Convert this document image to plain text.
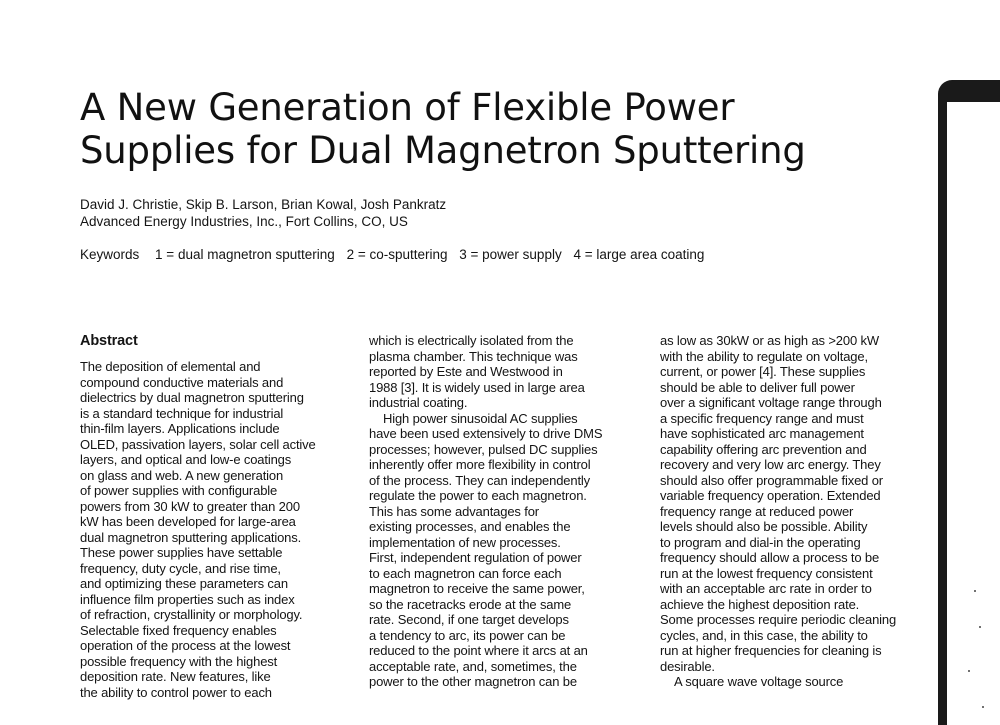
A New Generation of Flexible Power
Supplies for Dual Magnetron Sputtering
David J. Christie, Skip B. Larson, Brian Kowal, Josh Pankratz
Advanced Energy Industries, Inc., Fort Collins, CO, US
Keywords 1 = dual magnetron sputtering 2 = co-sputtering 3 = power supply 4 = large area coating
Abstract
The deposition of elemental and
compound conductive materials and
dielectrics by dual magnetron sputtering
is a standard technique for industrial
thin-film layers. Applications include
OLED, passivation layers, solar cell active
layers, and optical and low-e coatings
on glass and web. A new generation
of power supplies with configurable
powers from 30 kW to greater than 200
kW has been developed for large-area
dual magnetron sputtering applications.
These power supplies have settable
frequency, duty cycle, and rise time,
and optimizing these parameters can
influence film properties such as index
of refraction, crystallinity or morphology.
Selectable fixed frequency enables
operation of the process at the lowest
possible frequency with the highest
deposition rate. New features, like
the ability to control power to each
which is electrically isolated from the
plasma chamber. This technique was
reported by Este and Westwood in
1988 [3]. It is widely used in large area
industrial coating.
High power sinusoidal AC supplies
have been used extensively to drive DMS
processes; however, pulsed DC supplies
inherently offer more flexibility in control
of the process. They can independently
regulate the power to each magnetron.
This has some advantages for
existing processes, and enables the
implementation of new processes.
First, independent regulation of power
to each magnetron can force each
magnetron to receive the same power,
so the racetracks erode at the same
rate. Second, if one target develops
a tendency to arc, its power can be
reduced to the point where it arcs at an
acceptable rate, and, sometimes, the
power to the other magnetron can be
as low as 30kW or as high as >200 kW
with the ability to regulate on voltage,
current, or power [4]. These supplies
should be able to deliver full power
over a significant voltage range through
a specific frequency range and must
have sophisticated arc management
capability offering arc prevention and
recovery and very low arc energy. They
should also offer programmable fixed or
variable frequency operation. Extended
frequency range at reduced power
levels should also be possible. Ability
to program and dial-in the operating
frequency should allow a process to be
run at the lowest frequency consistent
with an acceptable arc rate in order to
achieve the highest deposition rate.
Some processes require periodic cleaning
cycles, and, in this case, the ability to
run at higher frequencies for cleaning is
desirable.
A square wave voltage source
